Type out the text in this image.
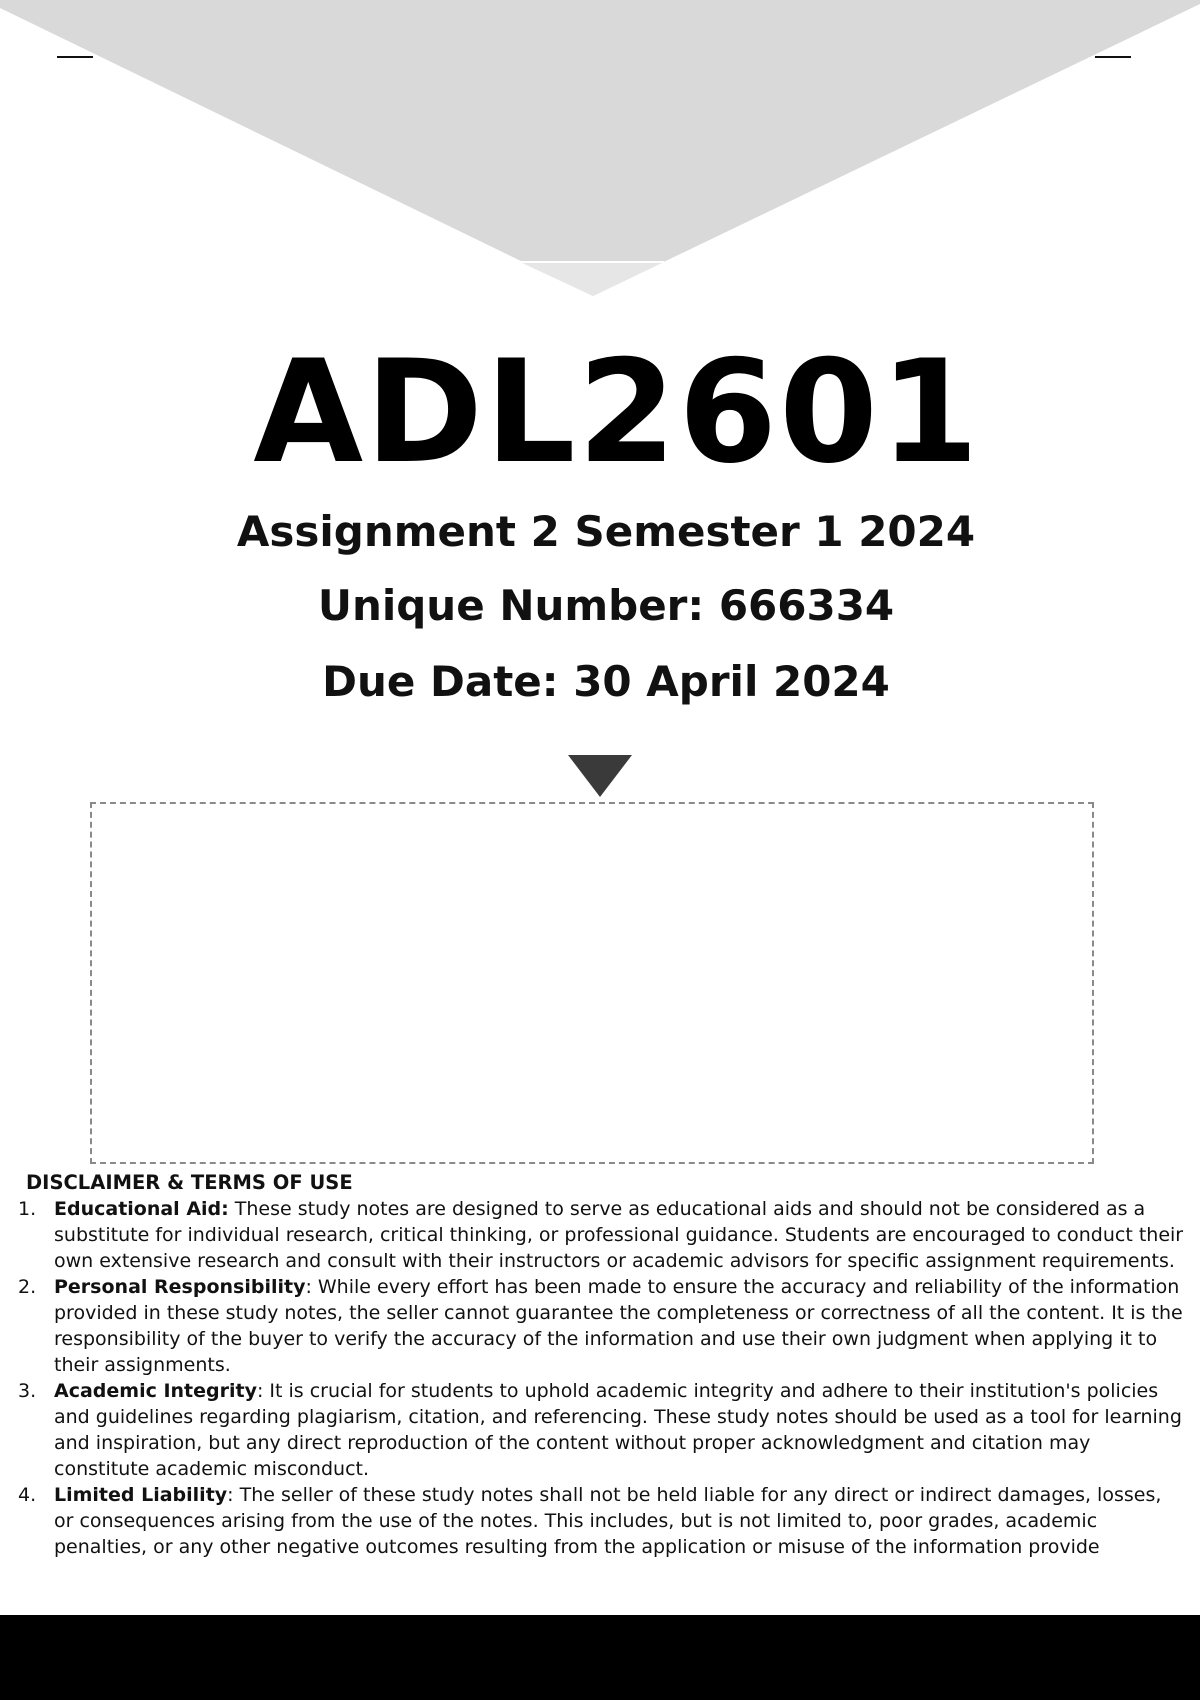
ADL2601
Assignment 2 Semester 1 2024
Unique Number: 666334
Due Date: 30 April 2024
DISCLAIMER & TERMS OF USE
1. Educational Aid: These study notes are designed to serve as educational aids and should not be considered as a substitute for individual research, critical thinking, or professional guidance. Students are encouraged to conduct their own extensive research and consult with their instructors or academic advisors for specific assignment requirements.
2. Personal Responsibility: While every effort has been made to ensure the accuracy and reliability of the information provided in these study notes, the seller cannot guarantee the completeness or correctness of all the content. It is the responsibility of the buyer to verify the accuracy of the information and use their own judgment when applying it to their assignments.
3. Academic Integrity: It is crucial for students to uphold academic integrity and adhere to their institution's policies and guidelines regarding plagiarism, citation, and referencing. These study notes should be used as a tool for learning and inspiration, but any direct reproduction of the content without proper acknowledgment and citation may constitute academic misconduct.
4. Limited Liability: The seller of these study notes shall not be held liable for any direct or indirect damages, losses, or consequences arising from the use of the notes. This includes, but is not limited to, poor grades, academic penalties, or any other negative outcomes resulting from the application or misuse of the information provide
